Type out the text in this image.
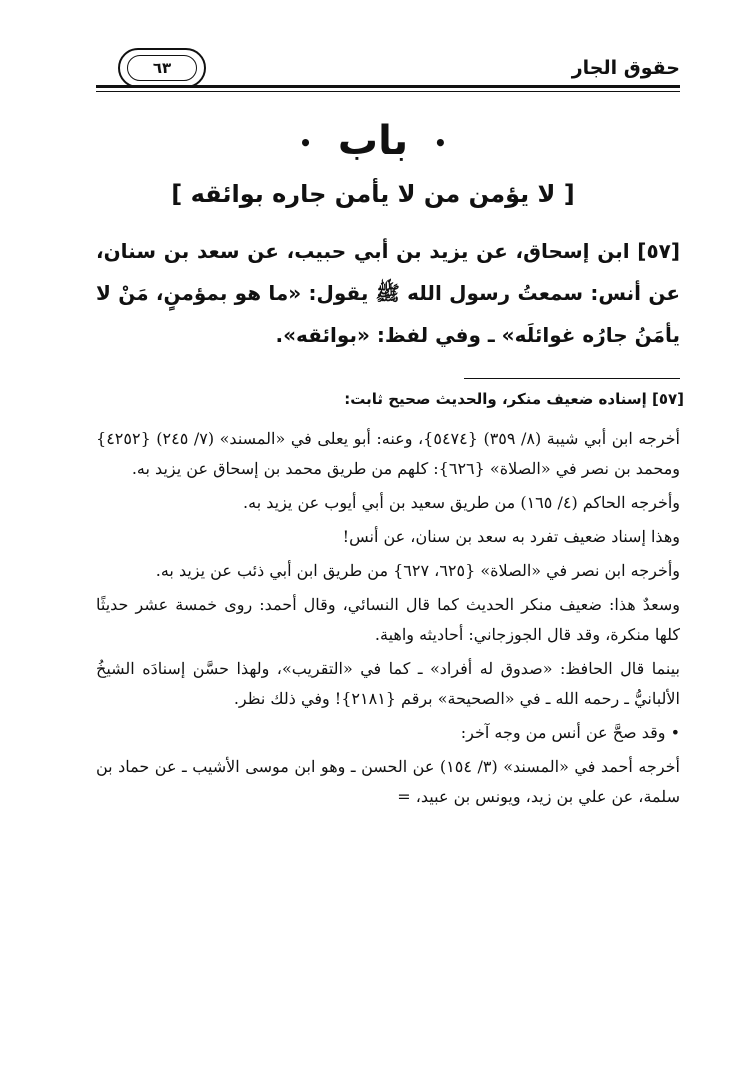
حقوق الجار
٦٣
• باب •
[ لا يؤمن من لا يأمن جاره بوائقه ]
[٥٧] ابن إسحاق، عن يزيد بن أبي حبيب، عن سعد بن سنان، عن أنس: سمعتُ رسول الله ﷺ يقول: «ما هو بمؤمنٍ، مَنْ لا يأمَنُ جارُه غوائلَه» ـ وفي لفظ: «بوائقه».
[٥٧] إسناده ضعيف منكر، والحديث صحيح ثابت:

أخرجه ابن أبي شيبة (٨/ ٣٥٩) {٥٤٧٤}، وعنه: أبو يعلى في «المسند» (٧/ ٢٤٥) {٤٢٥٢} ومحمد بن نصر في «الصلاة» {٦٢٦}: كلهم من طريق محمد بن إسحاق عن يزيد به.

وأخرجه الحاكم (٤/ ١٦٥) من طريق سعيد بن أبي أيوب عن يزيد به.

وهذا إسناد ضعيف تفرد به سعد بن سنان، عن أنس!

وأخرجه ابن نصر في «الصلاة» {٦٢٥، ٦٢٧} من طريق ابن أبي ذئب عن يزيد به.

وسعدٌ هذا: ضعيف منكر الحديث كما قال النسائي، وقال أحمد: روى خمسة عشر حديثًا كلها منكرة، وقد قال الجوزجاني: أحاديثه واهية.

بينما قال الحافظ: «صدوق له أفراد» ـ كما في «التقريب»، ولهذا حسَّن إسنادَه الشيخُ الألبانيُّ ـ رحمه الله ـ في «الصحيحة» برقم {٢١٨١}! وفي ذلك نظر.

• وقد صحَّ عن أنس من وجه آخر:

أخرجه أحمد في «المسند» (٣/ ١٥٤) عن الحسن ـ وهو ابن موسى الأشيب ـ عن حماد بن سلمة، عن علي بن زيد، ويونس بن عبيد، =
